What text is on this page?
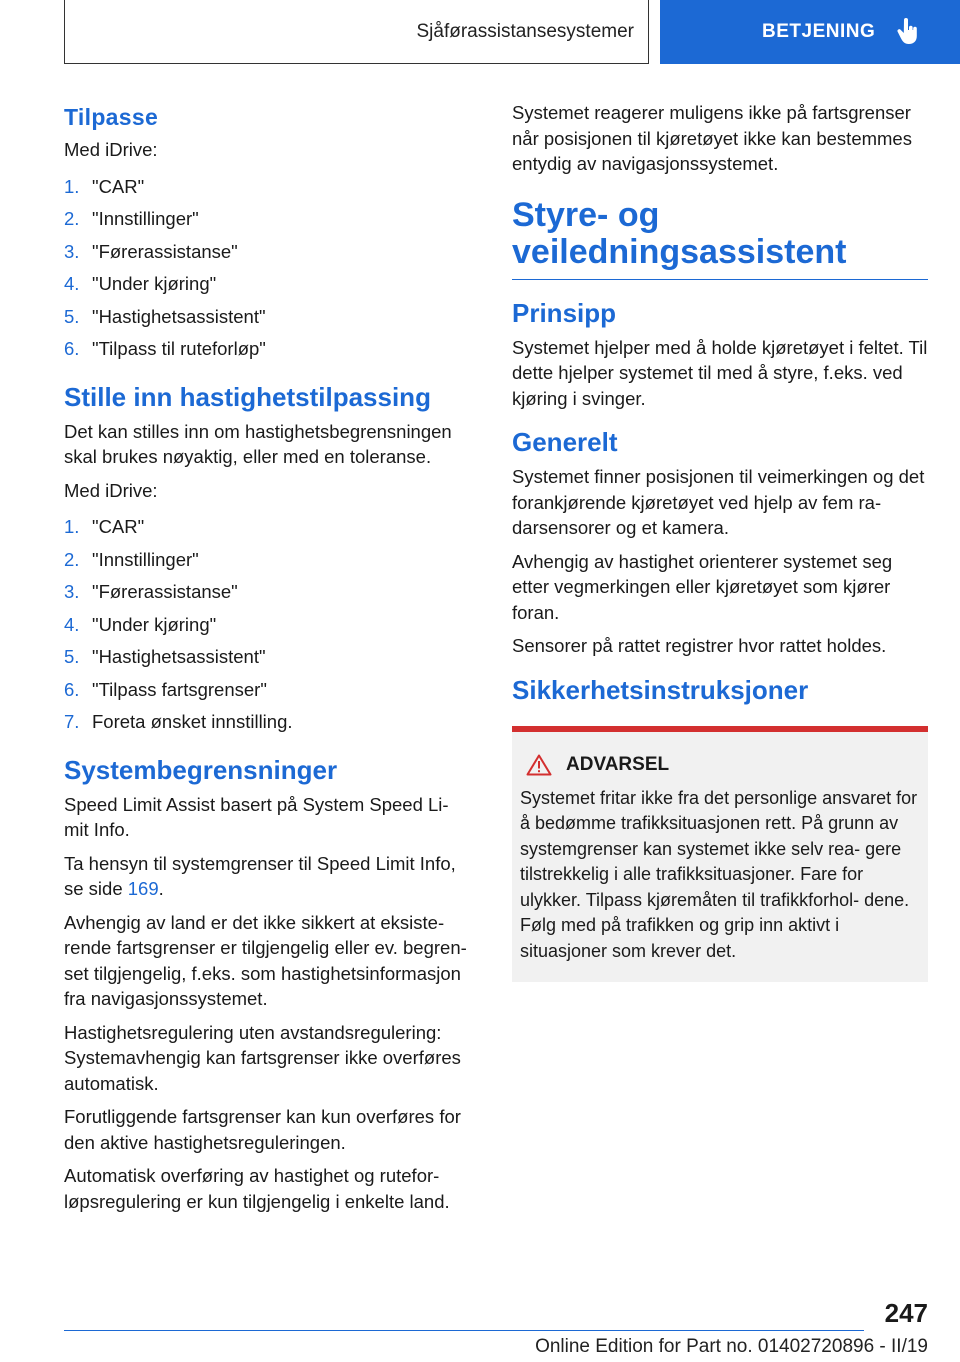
Sjåførassistansesystemer	BETJENING
Tilpasse

Med iDrive:

1. "CAR"
2. "Innstillinger"
3. "Førerassistanse"
4. "Under kjøring"
5. "Hastighetsassistent"
6. "Tilpass til ruteforløp"
Stille inn hastighetstilpassing

Det kan stilles inn om hastighetsbegrensningen skal brukes nøyaktig, eller med en toleranse.

Med iDrive:

1. "CAR"
2. "Innstillinger"
3. "Førerassistanse"
4. "Under kjøring"
5. "Hastighetsassistent"
6. "Tilpass fartsgrenser"
7. Foreta ønsket innstilling.
Systembegrensninger

Speed Limit Assist basert på System Speed Li‐ mit Info.

Ta hensyn til systemgrenser til Speed Limit Info, se side 169.

Avhengig av land er det ikke sikkert at eksiste‐ rende fartsgrenser er tilgjengelig eller ev. begren‐ set tilgjengelig, f.eks. som hastighetsinformasjon fra navigasjonssystemet.

Hastighetsregulering uten avstandsregulering: Systemavhengig kan fartsgrenser ikke overføres automatisk.

Forutliggende fartsgrenser kan kun overføres for den aktive hastighetsreguleringen.

Automatisk overføring av hastighet og rutefor‐ løpsregulering er kun tilgjengelig i enkelte land.

Systemet reagerer muligens ikke på fartsgrenser når posisjonen til kjøretøyet ikke kan bestemmes entydig av navigasjonssystemet.

Styre- og veiledningsassistent
Prinsipp

Systemet hjelper med å holde kjøretøyet i feltet. Til dette hjelper systemet til med å styre, f.eks. ved kjøring i svinger.

Generelt

Systemet finner posisjonen til veimerkingen og det forankjørende kjøretøyet ved hjelp av fem ra‐ darsensorer og et kamera.

Avhengig av hastighet orienterer systemet seg etter vegmerkingen eller kjøretøyet som kjører foran.

Sensorer på rattet registrer hvor rattet holdes.

Sikkerhetsinstruksjoner
ADVARSEL

Systemet fritar ikke fra det personlige ansvaret for å bedømme trafikksituasjonen rett. På grunn av systemgrenser kan systemet ikke selv rea‐ gere tilstrekkelig i alle trafikksituasjoner. Fare for ulykker. Tilpass kjøremåten til trafikkforhol‐ dene. Følg med på trafikken og grip inn aktivt i situasjoner som krever det.

247
Online Edition for Part no. 01402720896 - II/19
